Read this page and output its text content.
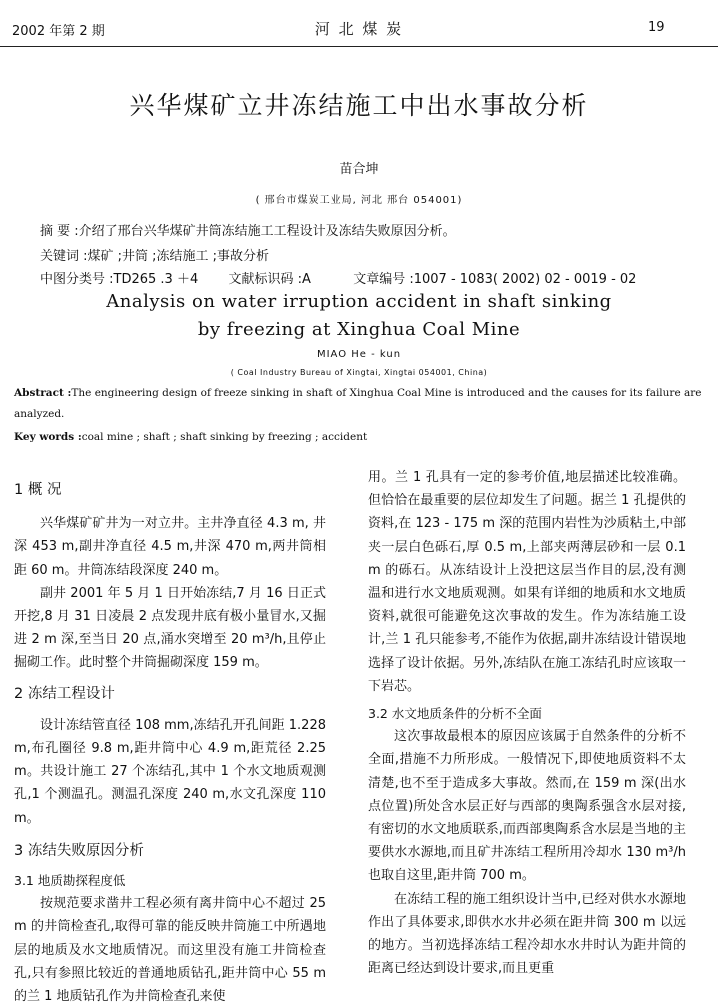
2002 年第 2 期	河 北 煤 炭	19
兴华煤矿立井冻结施工中出水事故分析
苗合坤
( 邢台市煤炭工业局, 河北 邢台 054001)
摘 要 :介绍了邢台兴华煤矿井筒冻结施工工程设计及冻结失败原因分析。
关键词 :煤矿 ;井筒 ;冻结施工 ;事故分析
中图分类号 :TD265 .3 ＋4 文献标识码 :A	文章编号 :1007 - 1083( 2002) 02 - 0019 - 02
Analysis on water irruption accident in shaft sinking
by freezing at Xinghua Coal Mine
MIAO He - kun
( Coal Industry Bureau of Xingtai, Xingtai 054001, China)
Abstract :The engineering design of freeze sinking in shaft of Xinghua Coal Mine is introduced and the causes for its failure are analyzed.
Key words :coal mine ; shaft ; shaft sinking by freezing ; accident

1 概 况

兴华煤矿矿井为一对立井。主井净直径 4.3 m, 井深 453 m,副井净直径 4.5 m,井深 470 m,两井筒相距 60 m。井筒冻结段深度 240 m。

副井 2001 年 5 月 1 日开始冻结,7 月 16 日正式开挖,8 月 31 日凌晨 2 点发现井底有极小量冒水,又掘进 2 m 深,至当日 20 点,涌水突增至 20 m³/h,且停止掘砌工作。此时整个井筒掘砌深度 159 m。

2 冻结工程设计

设计冻结管直径 108 mm,冻结孔开孔间距 1.228 m,布孔圈径 9.8 m,距井筒中心 4.9 m,距荒径 2.25 m。共设计施工 27 个冻结孔,其中 1 个水文地质观测孔,1 个测温孔。测温孔深度 240 m,水文孔深度 110 m。

3 冻结失败原因分析

3.1 地质勘探程度低

按规范要求凿井工程必须有离井筒中心不超过 25 m 的井筒检查孔,取得可靠的能反映井筒施工中所遇地层的地质及水文地质情况。而这里没有施工井筒检查孔,只有参照比较近的普通地质钻孔,距井筒中心 55 m 的兰 1 地质钻孔作为井筒检查孔来使

用。兰 1 孔具有一定的参考价值,地层描述比较准确。但恰恰在最重要的层位却发生了问题。据兰 1 孔提供的资料,在 123 - 175 m 深的范围内岩性为沙质粘土,中部夹一层白色砾石,厚 0.5 m,上部夹两薄层砂和一层 0.1 m 的砾石。从冻结设计上没把这层当作目的层,没有测温和进行水文地质观测。如果有详细的地质和水文地质资料,就很可能避免这次事故的发生。作为冻结施工设计,兰 1 孔只能参考,不能作为依据,副井冻结设计错误地选择了设计依据。另外,冻结队在施工冻结孔时应该取一下岩芯。

3.2 水文地质条件的分析不全面

这次事故最根本的原因应该属于自然条件的分析不全面,措施不力所形成。一般情况下,即使地质资料不太清楚,也不至于造成多大事故。然而,在 159 m 深(出水点位置)所处含水层正好与西部的奥陶系强含水层对接,有密切的水文地质联系,而西部奥陶系含水层是当地的主要供水水源地,而且矿井冻结工程所用冷却水 130 m³/h 也取自这里,距井筒 700 m。

在冻结工程的施工组织设计当中,已经对供水水源地作出了具体要求,即供水水井必须在距井筒 300 m 以远的地方。当初选择冻结工程冷却水水井时认为距井筒的距离已经达到设计要求,而且更重
